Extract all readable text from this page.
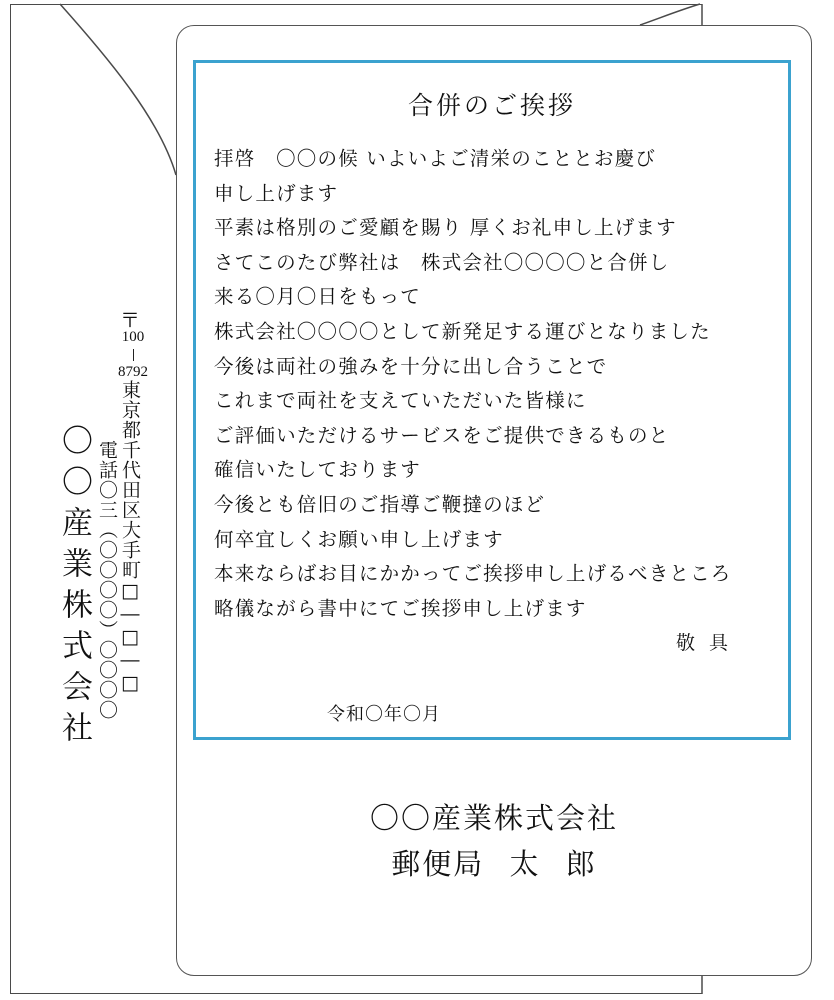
〒
100
8792
東京都千代田区大手町□―□―□
電話〇三（〇〇〇〇）〇〇〇〇
〇〇産業株式会社
合併のご挨拶
拝啓　〇〇の候 いよいよご清栄のこととお慶び
申し上げます
平素は格別のご愛顧を賜り 厚くお礼申し上げます
さてこのたび弊社は　株式会社〇〇〇〇と合併し
来る〇月〇日をもって
株式会社〇〇〇〇として新発足する運びとなりました
今後は両社の強みを十分に出し合うことで
これまで両社を支えていただいた皆様に
ご評価いただけるサービスをご提供できるものと
確信いたしております
今後とも倍旧のご指導ご鞭撻のほど
何卒宜しくお願い申し上げます
本来ならばお目にかかってご挨拶申し上げるべきところ
略儀ながら書中にてご挨拶申し上げます
敬具
令和〇年〇月
〇〇産業株式会社
郵便局 太 郎
